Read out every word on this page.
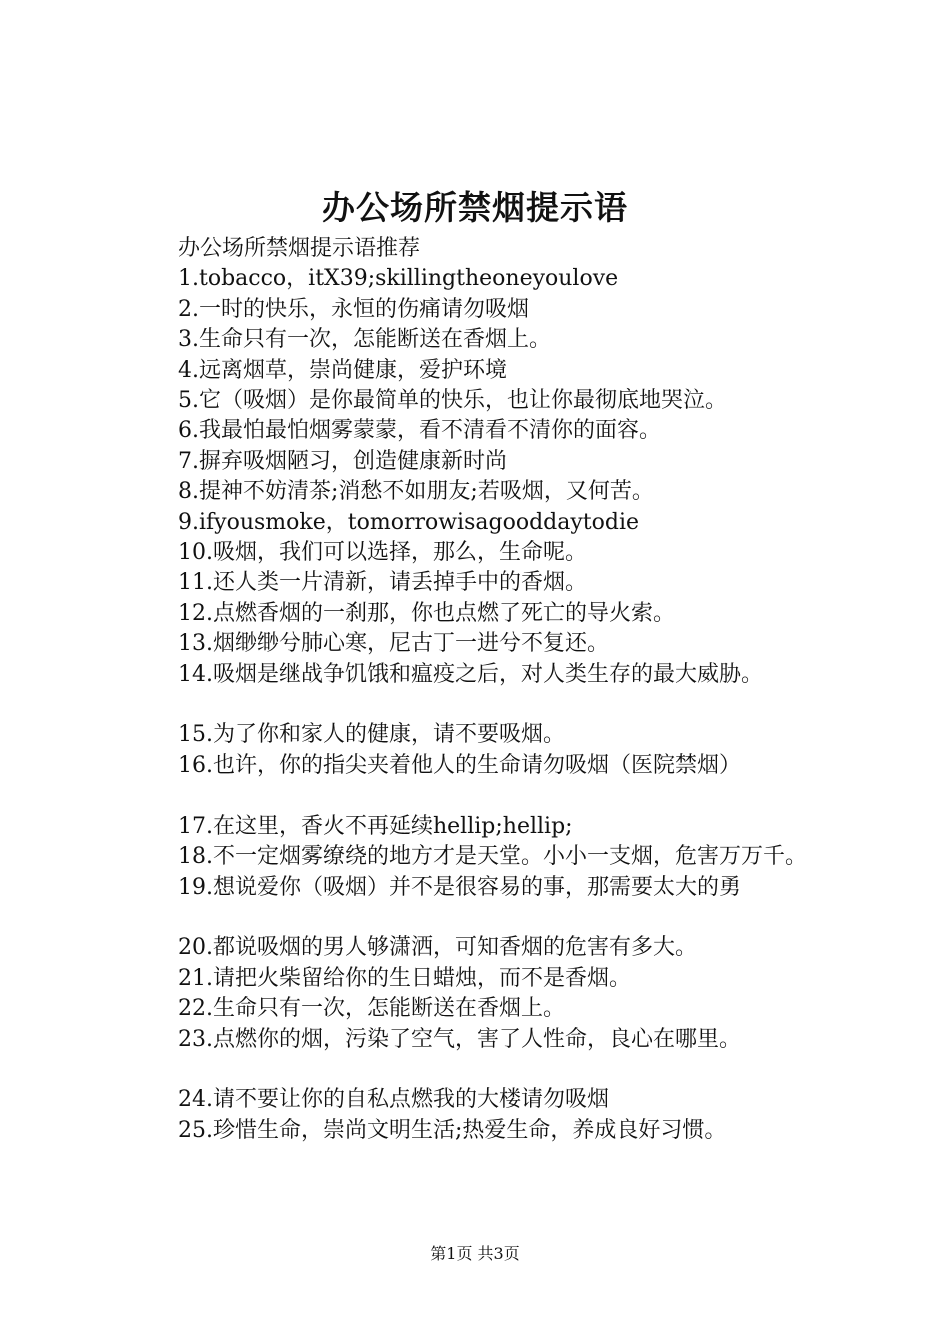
办公场所禁烟提示语
办公场所禁烟提示语推荐
1.tobacco，itX39;skillingtheoneyoulove
2.一时的快乐，永恒的伤痛请勿吸烟
3.生命只有一次，怎能断送在香烟上。
4.远离烟草，崇尚健康，爱护环境
5.它（吸烟）是你最简单的快乐，也让你最彻底地哭泣。
6.我最怕最怕烟雾蒙蒙，看不清看不清你的面容。
7.摒弃吸烟陋习，创造健康新时尚
8.提神不妨清茶;消愁不如朋友;若吸烟，又何苦。
9.ifyousmoke，tomorrowisagooddaytodie
10.吸烟，我们可以选择，那么，生命呢。
11.还人类一片清新，请丢掉手中的香烟。
12.点燃香烟的一刹那，你也点燃了死亡的导火索。
13.烟缈缈兮肺心寒，尼古丁一进兮不复还。
14.吸烟是继战争饥饿和瘟疫之后，对人类生存的最大威胁。
15.为了你和家人的健康，请不要吸烟。
16.也许，你的指尖夹着他人的生命请勿吸烟（医院禁烟）
17.在这里，香火不再延续hellip;hellip;
18.不一定烟雾缭绕的地方才是天堂。小小一支烟，危害万万千。
19.想说爱你（吸烟）并不是很容易的事，那需要太大的勇
20.都说吸烟的男人够潇洒，可知香烟的危害有多大。
21.请把火柴留给你的生日蜡烛，而不是香烟。
22.生命只有一次，怎能断送在香烟上。
23.点燃你的烟，污染了空气，害了人性命，良心在哪里。
24.请不要让你的自私点燃我的大楼请勿吸烟
25.珍惜生命，崇尚文明生活;热爱生命，养成良好习惯。
第1页 共3页
